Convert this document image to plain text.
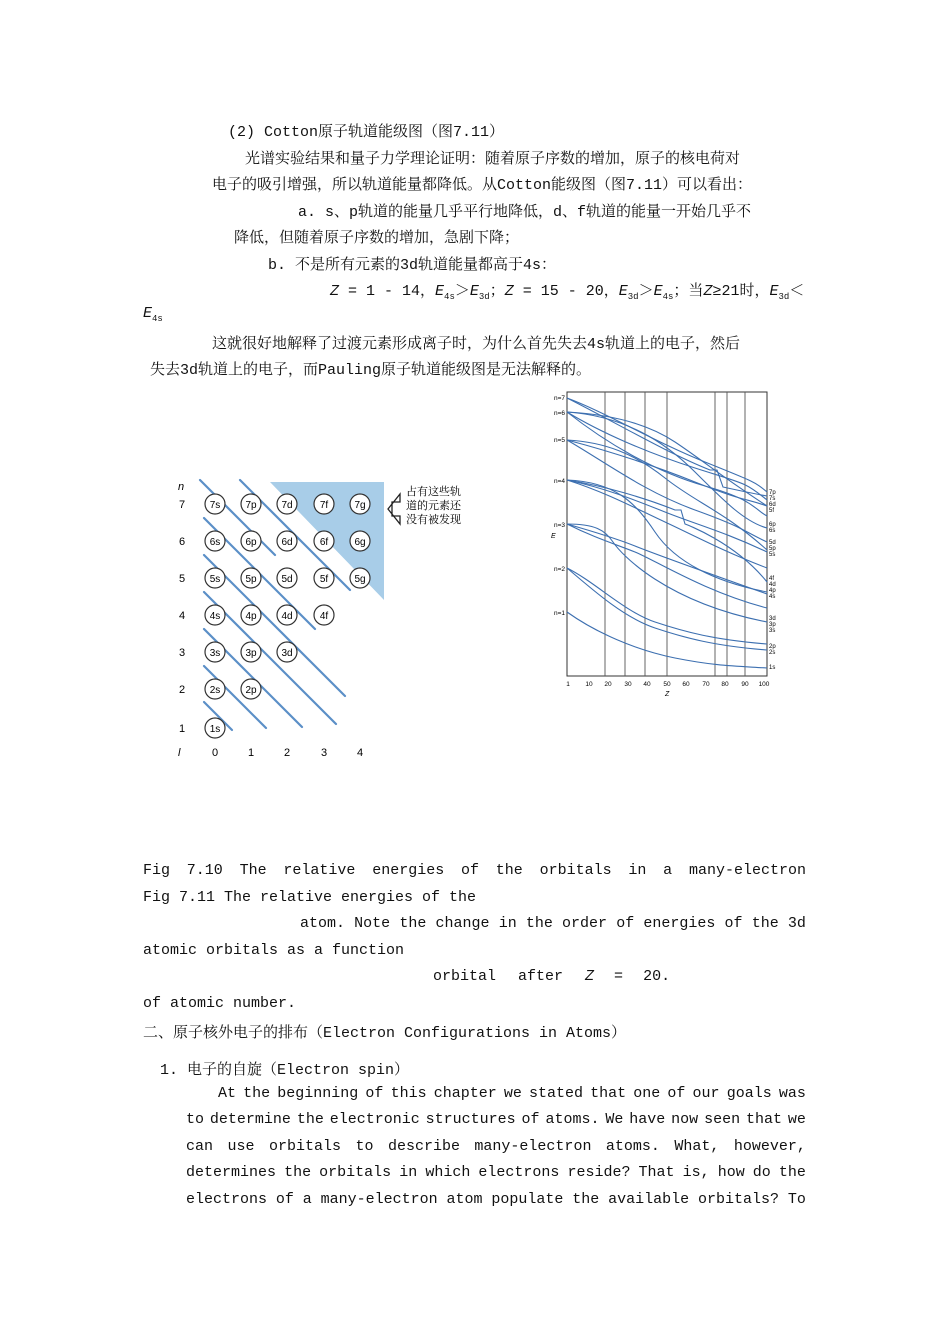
(2) Cotton原子轨道能级图（图7.11）
光谱实验结果和量子力学理论证明：随着原子序数的增加，原子的核电荷对
电子的吸引增强，所以轨道能量都降低。从Cotton能级图（图7.11）可以看出：
a. s、p轨道的能量几乎平行地降低，d、f轨道的能量一开始几乎不
降低，但随着原子序数的增加，急剧下降；
b. 不是所有元素的3d轨道能量都高于4s：
Z = 1 - 14，$E_{4s}>E_{3d}$；Z = 15 - 20，$E_{3d}>E_{4s}$；当Z≥21时，$E_{3d}<$
$E_{4s}$
这就很好地解释了过渡元素形成离子时，为什么首先失去4s轨道上的电子，然后
失去3d轨道上的电子，而Pauling原子轨道能级图是无法解释的。
占有这些轨
道的元素还
没有被发现
n
l
7
6
5
4
3
2
1
0	1	2	3	4
7s	7p 7d	7f	7g
6s	6p 6d	6f	6g
5s	5p 5d	5f	5g
4s	4p 4d	4f
3s	3p 3d
2s	2p
1s
n=7
n=6
n=5
n=4
n=3
n=2
n=1
E
1 10 20 30 40 50 60 70 80 90 100
Z
7p
7s
6d
5f
6p
6s
5d
5p
5s
4f
4d
4p
4s
3d
3p
3s
2p
2s
1s
Fig 7.10 The relative energies of the orbitals in a many-electron
Fig 7.11 The relative energies of the
atom. Note the change in the order of energies of the 3d
atomic orbitals as a function
orbital after Z = 20.
of atomic number.
二、原子核外电子的排布（Electron Configurations in Atoms）
1. 电子的自旋（Electron spin）
At the beginning of this chapter we stated that one of our goals was
to determine the electronic structures of atoms. We have now seen that we
can use orbitals to describe many-electron atoms. What, however,
determines the orbitals in which electrons reside? That is, how do the
electrons of a many-electron atom populate the available orbitals? To
